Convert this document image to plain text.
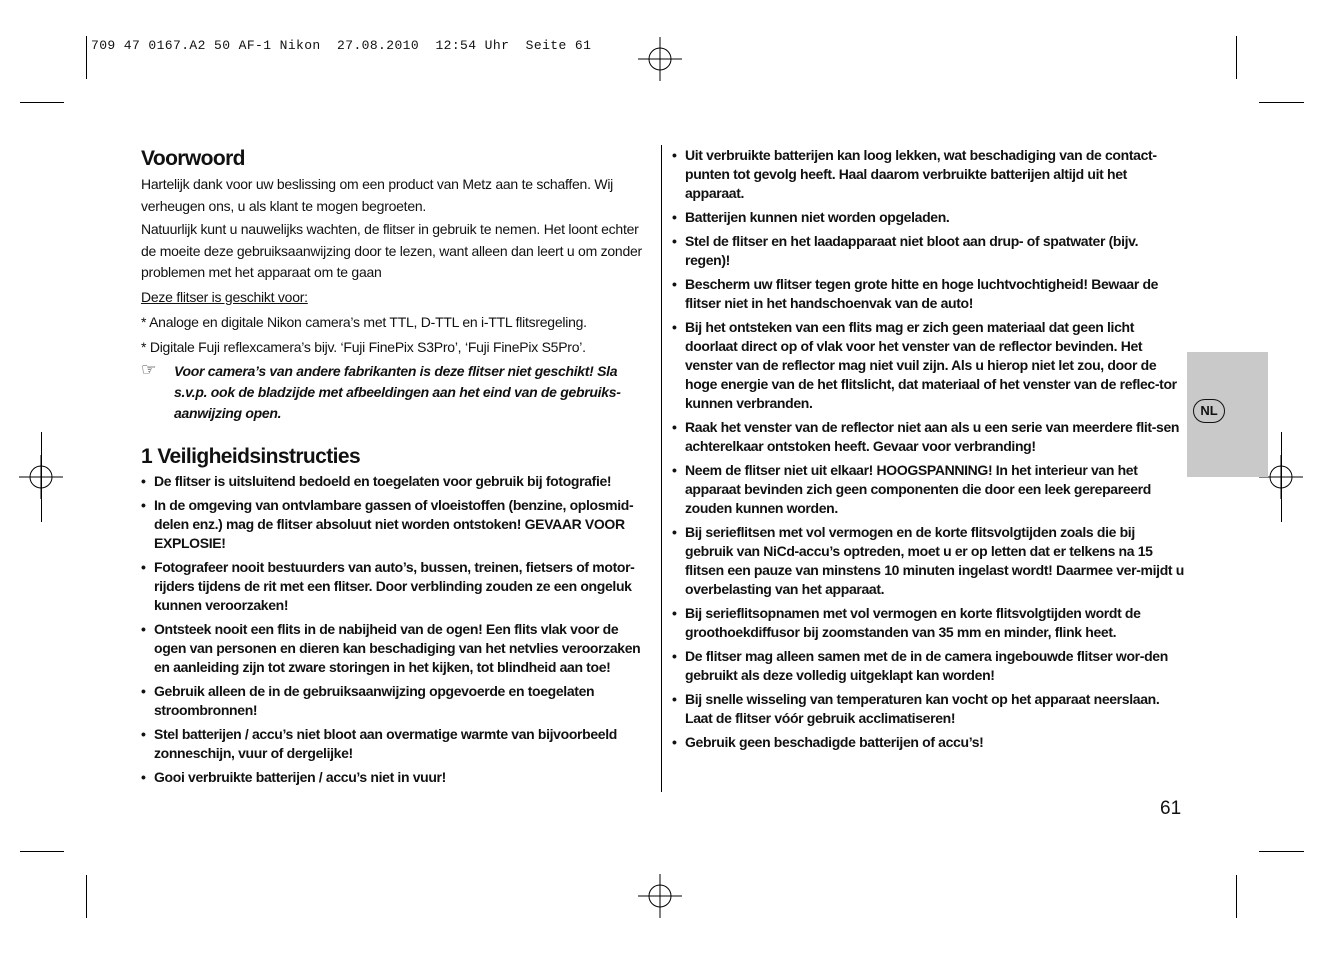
709 47 0167.A2 50 AF-1 Nikon  27.08.2010  12:54 Uhr  Seite 61
Voorwoord

Hartelijk dank voor uw beslissing om een product van Metz aan te schaffen. Wij verheugen ons, u als klant te mogen begroeten.

Natuurlijk kunt u nauwelijks wachten, de flitser in gebruik te nemen. Het loont echter de moeite deze gebruiksaanwijzing door te lezen, want alleen dan leert u om zonder problemen met het apparaat om te gaan

Deze flitser is geschikt voor:
* Analoge en digitale Nikon camera’s met TTL, D-TTL en i-TTL flitsregeling.
* Digitale Fuji reflexcamera’s bijv. ‘Fuji FinePix S3Pro’, ‘Fuji FinePix S5Pro’.
☞ Voor camera’s van andere fabrikanten is deze flitser niet geschikt! Sla s.v.p. ook de bladzijde met afbeeldingen aan het eind van de gebruiks-aanwijzing open.
1 Veiligheidsinstructies
• De flitser is uitsluitend bedoeld en toegelaten voor gebruik bij fotografie!
• In de omgeving van ontvlambare gassen of vloeistoffen (benzine, oplosmid-delen enz.) mag de flitser absoluut niet worden ontstoken! GEVAAR VOOR EXPLOSIE!
• Fotografeer nooit bestuurders van auto’s, bussen, treinen, fietsers of motor-rijders tijdens de rit met een flitser. Door verblinding zouden ze een ongeluk kunnen veroorzaken!
• Ontsteek nooit een flits in de nabijheid van de ogen! Een flits vlak voor de ogen van personen en dieren kan beschadiging van het netvlies veroorzaken en aanleiding zijn tot zware storingen in het kijken, tot blindheid aan toe!
• Gebruik alleen de in de gebruiksaanwijzing opgevoerde en toegelaten stroombronnen!
• Stel batterijen / accu’s niet bloot aan overmatige warmte van bijvoorbeeld zonneschijn, vuur of dergelijke!
• Gooi verbruikte batterijen / accu’s niet in vuur!
• Uit verbruikte batterijen kan loog lekken, wat beschadiging van de contact-punten tot gevolg heeft. Haal daarom verbruikte batterijen altijd uit het apparaat.
• Batterijen kunnen niet worden opgeladen.
• Stel de flitser en het laadapparaat niet bloot aan drup- of spatwater (bijv. regen)!
• Bescherm uw flitser tegen grote hitte en hoge luchtvochtigheid! Bewaar de flitser niet in het handschoenvak van de auto!
• Bij het ontsteken van een flits mag er zich geen materiaal dat geen licht doorlaat direct op of vlak voor het venster van de reflector bevinden. Het venster van de reflector mag niet vuil zijn. Als u hierop niet let zou, door de hoge energie van de het flitslicht, dat materiaal of het venster van de reflec-tor kunnen verbranden.
• Raak het venster van de reflector niet aan als u een serie van meerdere flit-sen achterelkaar ontstoken heeft. Gevaar voor verbranding!
• Neem de flitser niet uit elkaar! HOOGSPANNING! In het interieur van het apparaat bevinden zich geen componenten die door een leek gerepareerd zouden kunnen worden.
• Bij serieflitsen met vol vermogen en de korte flitsvolgtijden zoals die bij gebruik van NiCd-accu’s optreden, moet u er op letten dat er telkens na 15 flitsen een pauze van minstens 10 minuten ingelast wordt! Daarmee ver-mijdt u overbelasting van het apparaat.
• Bij serieflitsopnamen met vol vermogen en korte flitsvolgtijden wordt de groothoekdiffusor bij zoomstanden van 35 mm en minder, flink heet.
• De flitser mag alleen samen met de in de camera ingebouwde flitser wor-den gebruikt als deze volledig uitgeklapt kan worden!
• Bij snelle wisseling van temperaturen kan vocht op het apparaat neerslaan. Laat de flitser vóór gebruik acclimatiseren!
• Gebruik geen beschadigde batterijen of accu’s!
NL
61
